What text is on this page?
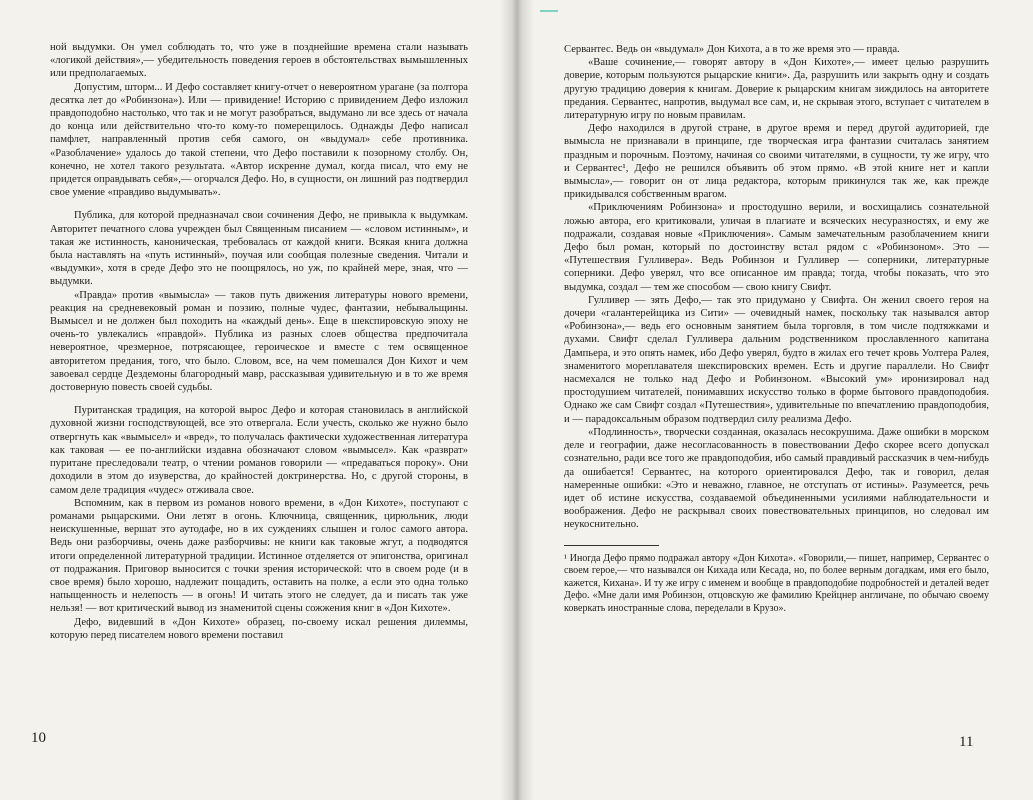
ной выдумки. Он умел соблюдать то, что уже в позднейшие времена стали называть «логикой действия»,— убедительность поведения героев в обстоятельствах вымышленных или предполагаемых.

Допустим, шторм... И Дефо составляет книгу-отчет о невероятном урагане (за полтора десятка лет до «Робинзона»). Или — привидение! Историю с привидением Дефо изложил правдоподобно настолько, что так и не могут разобраться, выдумано ли все здесь от начала до конца или действительно что-то кому-то померещилось. Однажды Дефо написал памфлет, направленный против себя самого, он «выдумал» себе противника. «Разоблачение» удалось до такой степени, что Дефо поставили к позорному столбу. Он, конечно, не хотел такого результата. «Автор искренне думал, когда писал, что ему не придется оправдывать себя»,— огорчался Дефо. Но, в сущности, он лишний раз подтвердил свое умение «правдиво выдумывать».

Публика, для которой предназначал свои сочинения Дефо, не привыкла к выдумкам. Авторитет печатного слова учрежден был Священным писанием — «словом истинным», и такая же истинность, каноническая, требовалась от каждой книги. Всякая книга должна была наставлять на «путь истинный», поучая или сообщая полезные сведения. Читали и «выдумки», хотя в среде Дефо это не поощрялось, но уж, по крайней мере, зная, что — выдумки.

«Правда» против «вымысла» — таков путь движения литературы нового времени, реакция на средневековый роман и поэзию, полные чудес, фантазии, небывальщины. Вымысел и не должен был походить на «каждый день». Еще в шекспировскую эпоху не очень-то увлекались «правдой». Публика из разных слоев общества предпочитала невероятное, чрезмерное, потрясающее, героическое и вместе с тем освященное авторитетом предания, того, что было. Словом, все, на чем помешался Дон Кихот и чем завоевал сердце Дездемоны благородный мавр, рассказывая удивительную и в то же время достоверную повесть своей судьбы.

Пуританская традиция, на которой вырос Дефо и которая становилась в английской духовной жизни господствующей, все это отвергала. Если учесть, сколько же нужно было отвергнуть как «вымысел» и «вред», то получалась фактически художественная литература как таковая — ее по-английски издавна обозначают словом «вымысел». Как «разврат» пуритане преследовали театр, о чтении романов говорили — «предаваться пороку». Они доходили в этом до изуверства, до крайностей доктринерства. Но, с другой стороны, в самом деле традиция «чудес» отживала свое.

Вспомним, как в первом из романов нового времени, в «Дон Кихоте», поступают с романами рыцарскими. Они летят в огонь. Ключница, священник, цирюльник, люди неискушенные, вершат это аутодафе, но в их суждениях слышен и голос самого автора. Ведь они разборчивы, очень даже разборчивы: не книги как таковые жгут, а подводятся итоги определенной литературной традиции. Истинное отделяется от эпигонства, оригинал от подражания. Приговор выносится с точки зрения исторической: что в своем роде (и в свое время) было хорошо, надлежит пощадить, оставить на полке, а если это одна только напыщенность и нелепость — в огонь! И читать этого не следует, да и писать так уже нельзя! — вот критический вывод из знаменитой сцены сожжения книг в «Дон Кихоте».

Дефо, видевший в «Дон Кихоте» образец, по-своему искал решения дилеммы, которую перед писателем нового времени поставил

10

Сервантес. Ведь он «выдумал» Дон Кихота, а в то же время это — правда.

«Ваше сочинение,— говорят автору в «Дон Кихоте»,— имеет целью разрушить доверие, которым пользуются рыцарские книги». Да, разрушить или закрыть одну и создать другую традицию доверия к книгам. Доверие к рыцарским книгам зиждилось на авторитете предания. Сервантес, напротив, выдумал все сам, и, не скрывая этого, вступает с читателем в литературную игру по новым правилам.

Дефо находился в другой стране, в другое время и перед другой аудиторией, где вымысла не признавали в принципе, где творческая игра фантазии считалась занятием праздным и порочным. Поэтому, начиная со своими читателями, в сущности, ту же игру, что и Сервантес¹, Дефо не решился объявить об этом прямо. «В этой книге нет и капли вымысла»,— говорит он от лица редактора, которым прикинулся так же, как прежде прикидывался собственным врагом.

«Приключениям Робинзона» и простодушно верили, и восхищались сознательной ложью автора, его критиковали, уличая в плагиате и всяческих несуразностях, и ему же подражали, создавая новые «Приключения». Самым замечательным разоблачением книги Дефо был роман, который по достоинству встал рядом с «Робинзоном». Это — «Путешествия Гулливера». Ведь Робинзон и Гулливер — соперники, литературные соперники. Дефо уверял, что все описанное им правда; тогда, чтобы показать, что это выдумка, создал — тем же способом — свою книгу Свифт.

Гулливер — зять Дефо,— так это придумано у Свифта. Он женил своего героя на дочери «галантерейщика из Сити» — очевидный намек, поскольку так назывался автор «Робинзона»,— ведь его основным занятием была торговля, в том числе подтяжками и духами. Свифт сделал Гулливера дальним родственником прославленного капитана Дампьера, и это опять намек, ибо Дефо уверял, будто в жилах его течет кровь Уолтера Ралея, знаменитого мореплавателя шекспировских времен. Есть и другие параллели. Но Свифт насмехался не только над Дефо и Робинзоном. «Высокий ум» иронизировал над простодушием читателей, понимавших искусство только в форме бытового правдоподобия. Однако же сам Свифт создал «Путешествия», удивительные по впечатлению правдоподобия, и — парадоксальным образом подтвердил силу реализма Дефо.

«Подлинность», творчески созданная, оказалась несокрушима. Даже ошибки в морском деле и географии, даже несогласованность в повествовании Дефо скорее всего допускал сознательно, ради все того же правдоподобия, ибо самый правдивый рассказчик в чем-нибудь да ошибается! Сервантес, на которого ориентировался Дефо, так и говорил, делая намеренные ошибки: «Это и неважно, главное, не отступать от истины». Разумеется, речь идет об истине искусства, создаваемой объединенными усилиями наблюдательности и воображения. Дефо не раскрывал своих повествовательных принципов, но следовал им неукоснительно.

¹ Иногда Дефо прямо подражал автору «Дон Кихота». «Говорили,— пишет, например, Сервантес о своем герое,— что назывался он Кихада или Кесада, но, по более верным догадкам, имя его было, кажется, Кихана». И ту же игру с именем и вообще в правдоподобие подробностей и деталей ведет Дефо. «Мне дали имя Робинзон, отцовскую же фамилию Крейцнер англичане, по обычаю своему коверкать иностранные слова, переделали в Крузо».

11
